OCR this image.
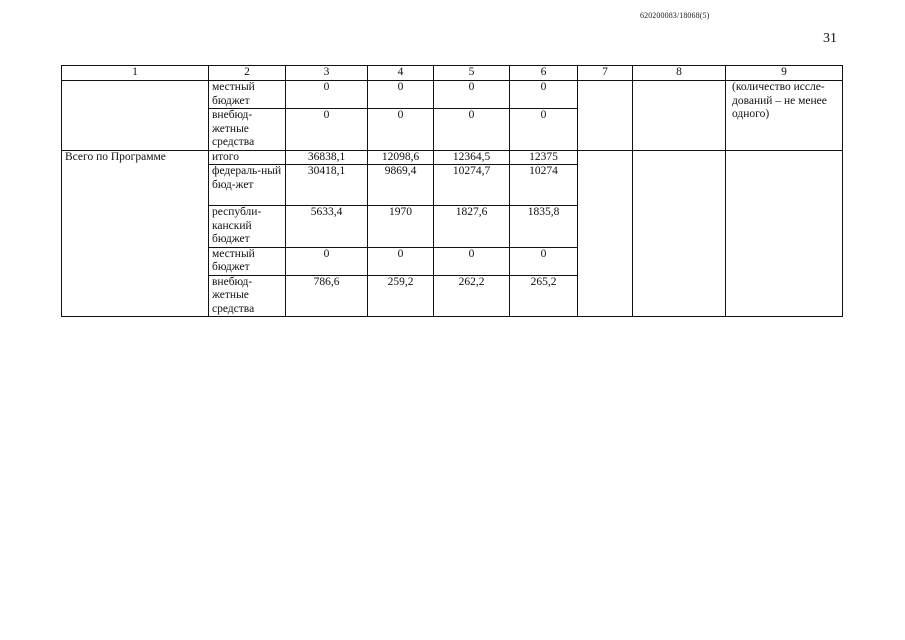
620200083/18068(5)
31
1	2	3	4	5	6	7	8	9
	местный бюджет	0	0	0	0			(количество иссле-дований – не менее одного)

	внебюд-жетные средства	0	0	0	0			
Всего по Программе	итого	36838,1	12098,6	12364,5	12375			
	федераль-ный бюд-жет	30418,1	9869,4	10274,7	10274			
	республи-канский бюджет	5633,4	1970	1827,6	1835,8			
	местный бюджет	0	0	0	0			
	внебюд-жетные средства	786,6	259,2	262,2	265,2			
